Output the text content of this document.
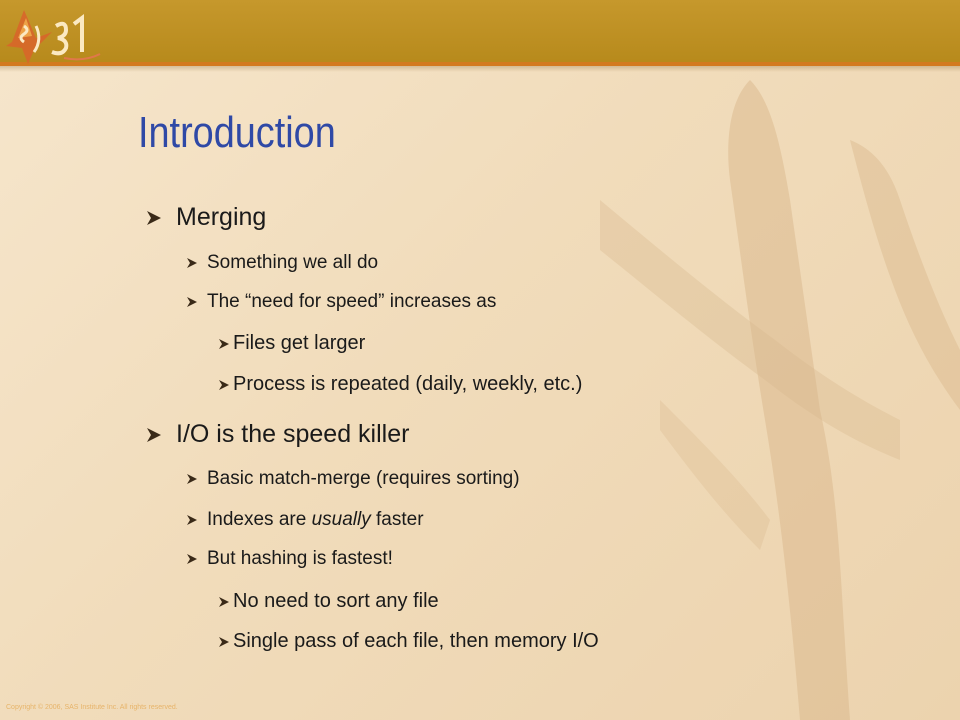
Introduction
Merging
Something we all do
The “need for speed” increases as
Files get larger
Process is repeated (daily, weekly, etc.)
I/O is the speed killer
Basic match-merge (requires sorting)
Indexes are usually faster
But hashing is fastest!
No need to sort any file
Single pass of each file, then memory I/O
Copyright © 2006, SAS Institute Inc. All rights reserved.
